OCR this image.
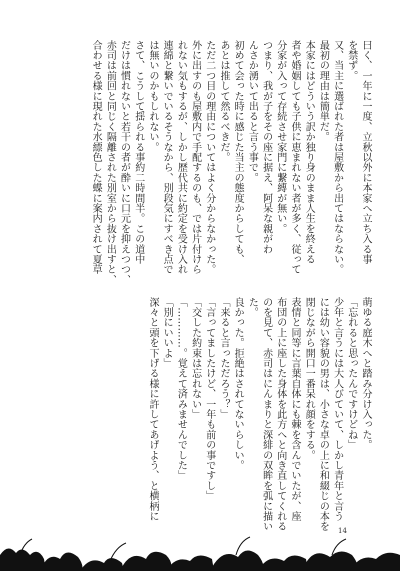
曰く、一年に一度、立秋以外に本家へ立ち入る事
を禁ず。
又、当主に選ばれた者は屋敷から出てはならない。
最初の理由は簡単だ。
本家にはどういう訳か独り身のまま人生を終える
者や婚姻しても子供に恵まれない者が多く、従って
分家が入って存続させ家門に繋縛が無い。
つまり、我が子をその座に据え、阿呆な親がわ
んさか湧いて出ると言う事で。
初めて会った時に感じた当主の態度からしても、
あとは推して然るべきだ。
ただ二つ目の理由についてはよく分からなかった。
外に出すのも屋敷内で手配するのも、では片付けら
れない気もするが、しかし歴代共に約定を受け入れ
連綿と繋いでいるそうなから、別段気にすべき点で
は無いのかもしれない。
さて、こうして揺られる事約二時間半。この道中
だけは慣れないと若干の者が酔いに口元を抑えつつ、
赤司は前回と同じく隔離された別室から抜け出すと、
合わせる様に現れた水縹色した蝶に案内されて夏草
萌ゆる庭木へと踏み分け入った。
「忘れると思ったんですけどね」
少年と言うには大人びていて、しかし青年と言う
には幼い容貌の男は、小さな卓の上に和綴じの本を
閉じながら開口一番呆れ顔をする。
表情と同等に言葉自体にも棘を含んでいたが、座
布団の上に座した身体を此方へと向き直してくれる
のを見て、赤司はにんまりと深緋の双眸を弧に描い
た。
良かった。拒絶はされてないらしい。
「来ると言っただろう？」
「言ってましたけど、一年も前の事ですし」
「交した約束は忘れない」
「…………。覚えて済みませんでした」
「別にいいよ」
深々と頭を下げる様に許してあげよう、と横柄に
14
